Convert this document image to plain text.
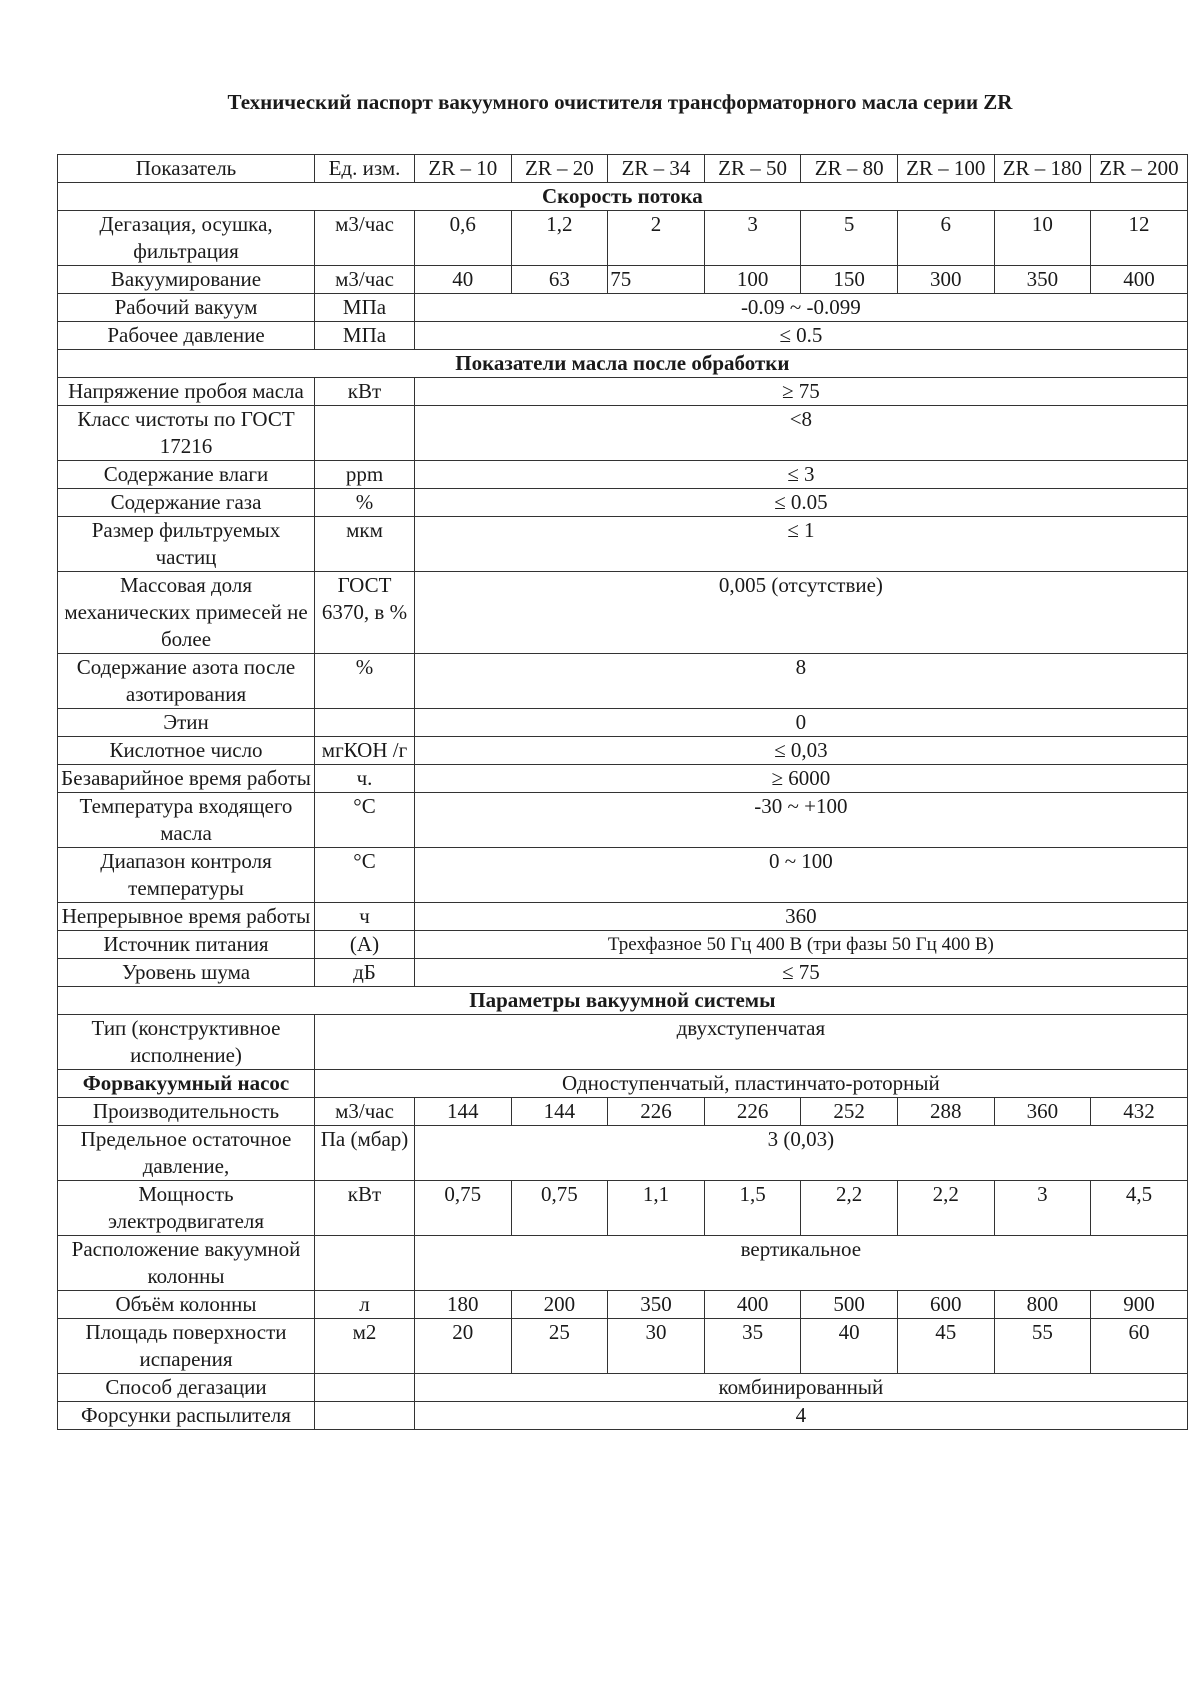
Технический паспорт вакуумного очистителя трансформаторного масла серии ZR
Показатель	Ед. изм.	ZR – 10	ZR – 20	ZR – 34	ZR – 50	ZR – 80	ZR – 100	ZR – 180	ZR – 200
Скорость потока									
Дегазация, осушка, фильтрация	м3/час	0,6	1,2	2	3	5	6	10	12
Вакуумирование	м3/час	40	63	75	100	150	300	350	400
Рабочий вакуум	МПа	-0.09 ~ -0.099							
Рабочее давление	МПа	≤ 0.5							
Показатели масла после обработки									
Напряжение пробоя масла	кВт	≥ 75							
Класс чистоты по ГОСТ 17216		<8							
Содержание влаги	ppm	≤ 3							
Содержание газа	%	≤ 0.05							
Размер фильтруемых частиц	мкм	≤ 1							
Массовая доля механических примесей не более	ГОСТ 6370, в %	0,005 (отсутствие)							
Содержание азота после азотирования	%	8							
Этин		0							
Кислотное число	мгКОН /г	≤ 0,03							
Безаварийное время работы	ч.	≥ 6000							
Температура входящего масла	°С	-30 ~ +100							
Диапазон контроля температуры	°С	0 ~ 100							
Непрерывное время работы	ч	360							
Источник питания	(А)	Трехфазное 50 Гц 400 В (три фазы 50 Гц 400 В)							
Уровень шума	дБ	≤ 75							
Параметры вакуумной системы									
Тип (конструктивное исполнение)	двухступенчатая								
Форвакуумный насос	Одноступенчатый, пластинчато-роторный								
Производительность	м3/час	144	144	226	226	252	288	360	432
Предельное остаточное давление,	Па (мбар)	3 (0,03)							
Мощность электродвигателя	кВт	0,75	0,75	1,1	1,5	2,2	2,2	3	4,5
Расположение вакуумной колонны		вертикальное							
Объём колонны	л	180	200	350	400	500	600	800	900
Площадь поверхности испарения	м2	20	25	30	35	40	45	55	60
Способ дегазации		комбинированный							
Форсунки распылителя		4							
